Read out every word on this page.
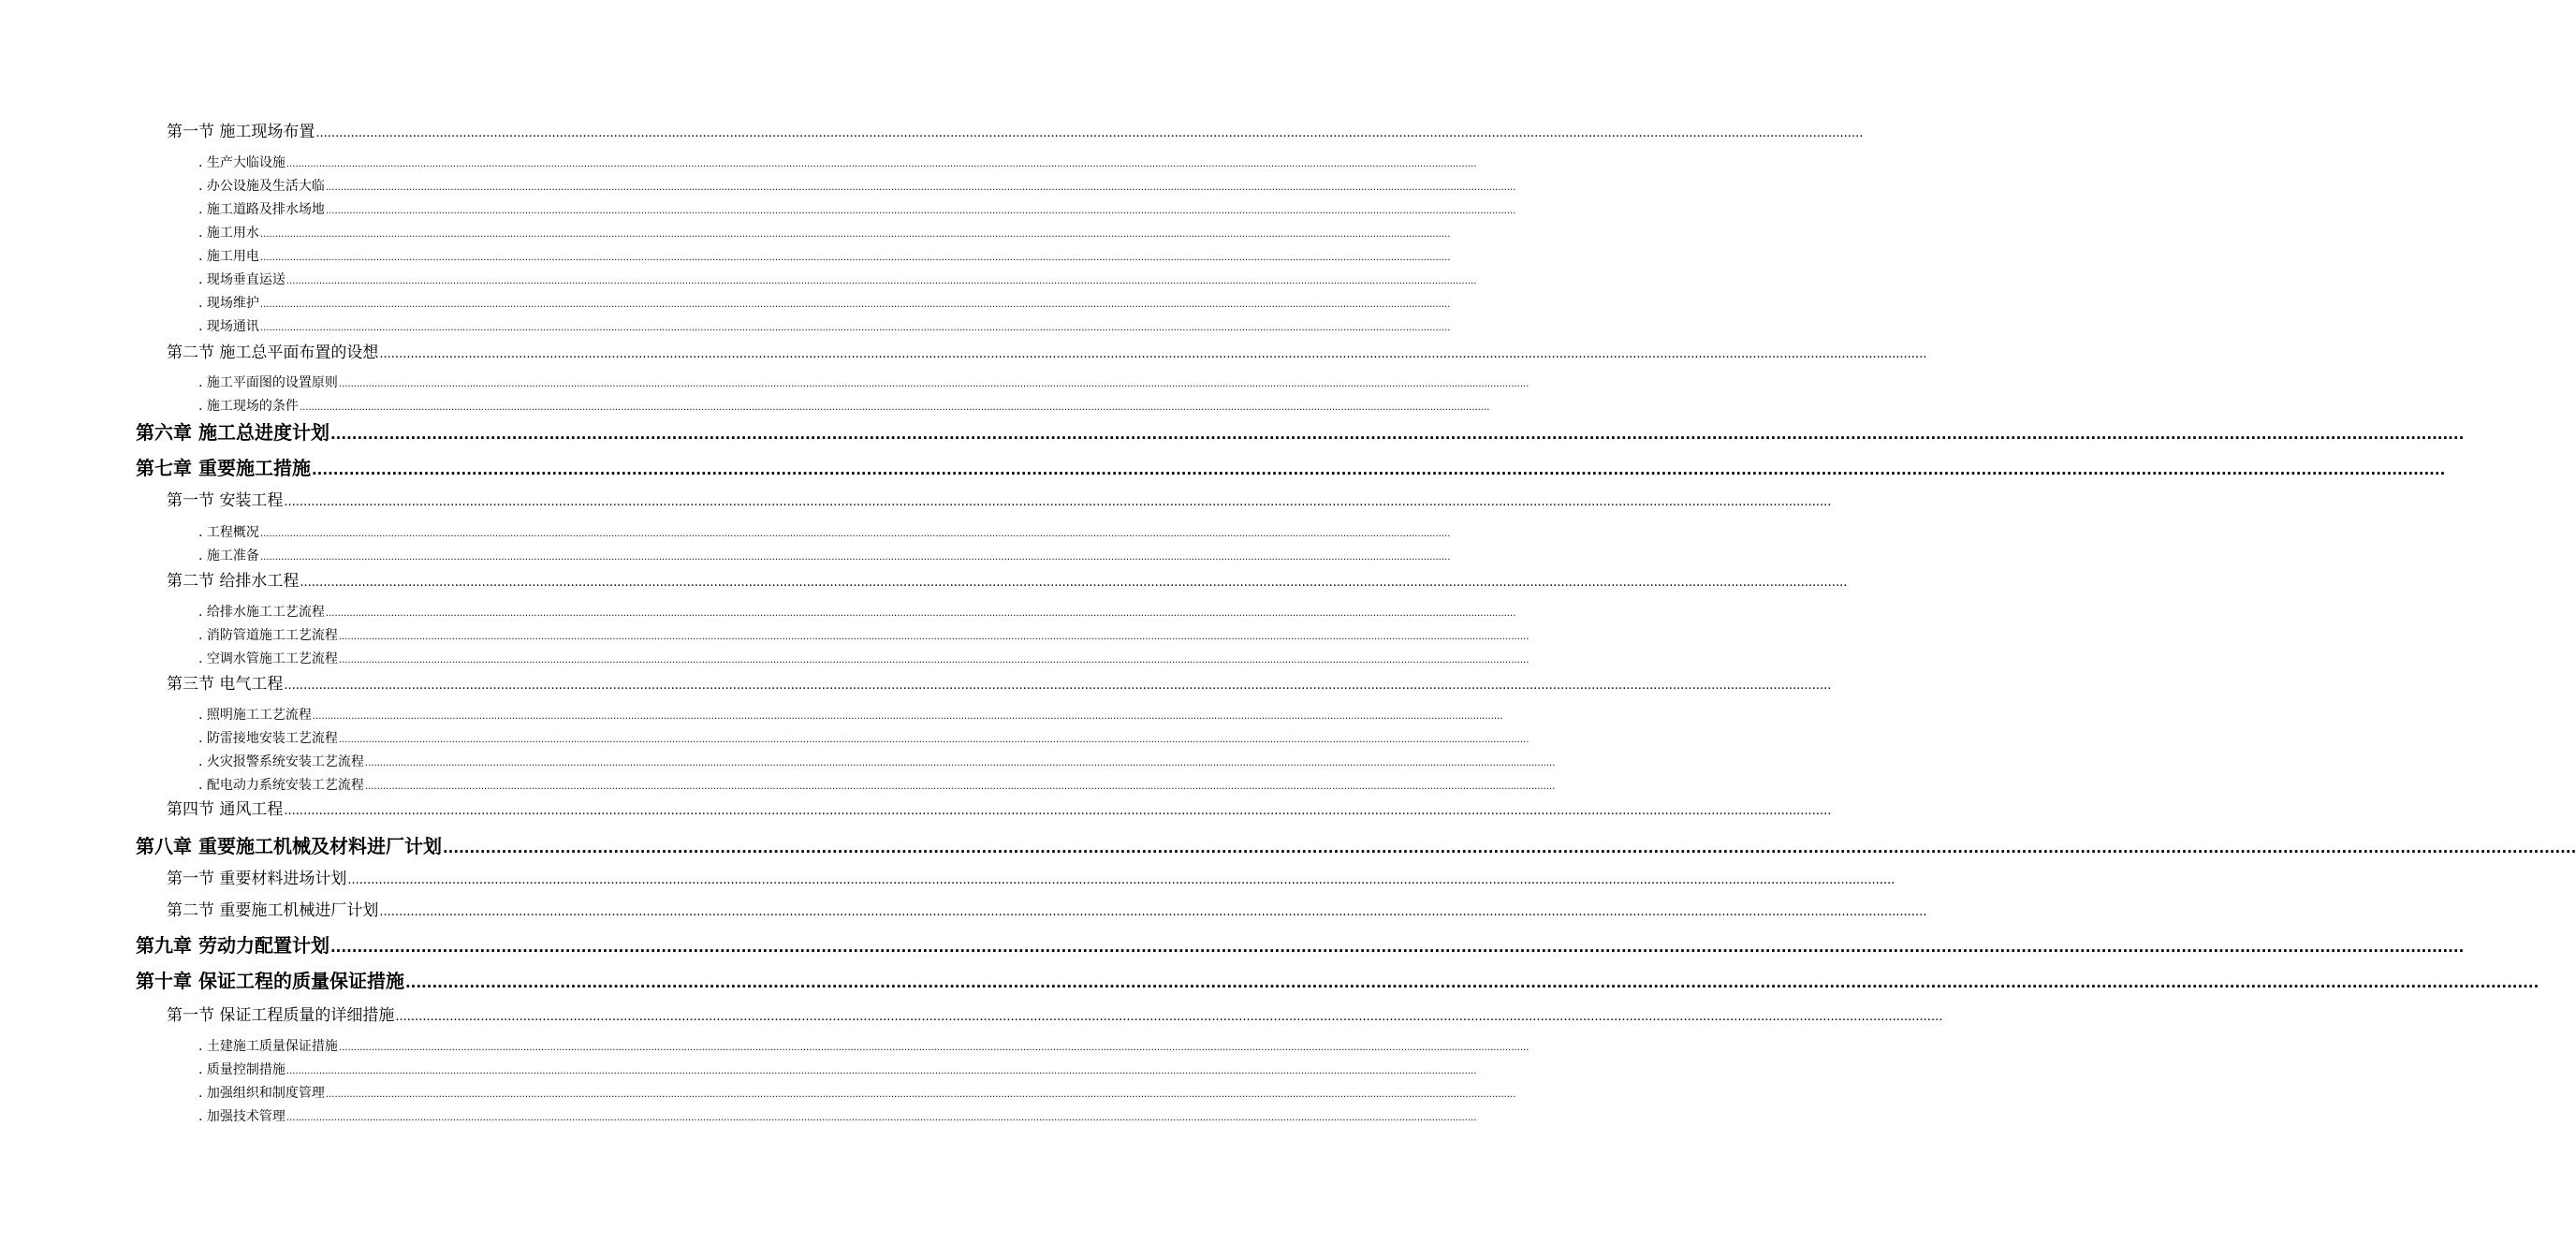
第一节 施工现场布置 ................................................................................................................................................................................................................................................................................................................................................................................................................
. 生产大临设施 ................................................................................................................................................................................................................................................................................................................................................................................................................
. 办公设施及生活大临 ................................................................................................................................................................................................................................................................................................................................................................................................................
. 施工道路及排水场地 ................................................................................................................................................................................................................................................................................................................................................................................................................
. 施工用水 ................................................................................................................................................................................................................................................................................................................................................................................................................
. 施工用电 ................................................................................................................................................................................................................................................................................................................................................................................................................
. 现场垂直运送 ................................................................................................................................................................................................................................................................................................................................................................................................................
. 现场维护 ................................................................................................................................................................................................................................................................................................................................................................................................................
. 现场通讯 ................................................................................................................................................................................................................................................................................................................................................................................................................
第二节 施工总平面布置的设想 ................................................................................................................................................................................................................................................................................................................................................................................................................
. 施工平面图的设置原则 ................................................................................................................................................................................................................................................................................................................................................................................................................
. 施工现场的条件 ................................................................................................................................................................................................................................................................................................................................................................................................................
第六章 施工总进度计划 ................................................................................................................................................................................................................................................................................................................................................................................................................
第七章 重要施工措施 ................................................................................................................................................................................................................................................................................................................................................................................................................
第一节 安装工程 ................................................................................................................................................................................................................................................................................................................................................................................................................
. 工程概况 ................................................................................................................................................................................................................................................................................................................................................................................................................
. 施工准备 ................................................................................................................................................................................................................................................................................................................................................................................................................
第二节 给排水工程 ................................................................................................................................................................................................................................................................................................................................................................................................................
. 给排水施工工艺流程 ................................................................................................................................................................................................................................................................................................................................................................................................................
. 消防管道施工工艺流程 ................................................................................................................................................................................................................................................................................................................................................................................................................
. 空调水管施工工艺流程 ................................................................................................................................................................................................................................................................................................................................................................................................................
第三节 电气工程 ................................................................................................................................................................................................................................................................................................................................................................................................................
. 照明施工工艺流程 ................................................................................................................................................................................................................................................................................................................................................................................................................
. 防雷接地安装工艺流程 ................................................................................................................................................................................................................................................................................................................................................................................................................
. 火灾报警系统安装工艺流程 ................................................................................................................................................................................................................................................................................................................................................................................................................
. 配电动力系统安装工艺流程 ................................................................................................................................................................................................................................................................................................................................................................................................................
第四节 通风工程 ................................................................................................................................................................................................................................................................................................................................................................................................................
第八章 重要施工机械及材料进厂计划 ................................................................................................................................................................................................................................................................................................................................................................................................................
第一节 重要材料进场计划 ................................................................................................................................................................................................................................................................................................................................................................................................................
第二节 重要施工机械进厂计划 ................................................................................................................................................................................................................................................................................................................................................................................................................
第九章 劳动力配置计划 ................................................................................................................................................................................................................................................................................................................................................................................................................
第十章 保证工程的质量保证措施 ................................................................................................................................................................................................................................................................................................................................................................................................................
第一节 保证工程质量的详细措施 ................................................................................................................................................................................................................................................................................................................................................................................................................
. 土建施工质量保证措施 ................................................................................................................................................................................................................................................................................................................................................................................................................
. 质量控制措施 ................................................................................................................................................................................................................................................................................................................................................................................................................
. 加强组织和制度管理 ................................................................................................................................................................................................................................................................................................................................................................................................................
. 加强技术管理 ................................................................................................................................................................................................................................................................................................................................................................................................................
